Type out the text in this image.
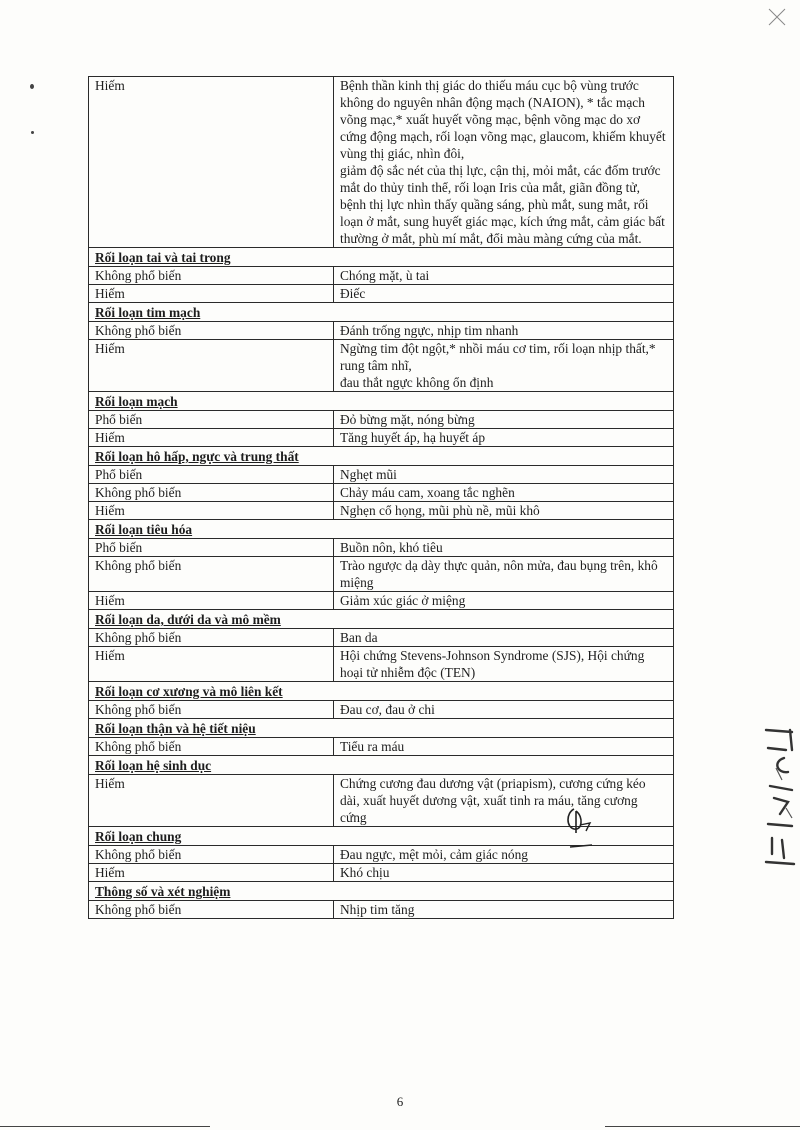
Hiếm	Bệnh thần kinh thị giác do thiếu máu cục bộ vùng trước không do nguyên nhân động mạch (NAION), * tắc mạch võng mạc,* xuất huyết võng mạc, bệnh võng mạc do xơ cứng động mạch, rối loạn võng mạc, glaucom, khiếm khuyết vùng thị giác, nhìn đôi,
giảm độ sắc nét của thị lực, cận thị, mỏi mắt, các đốm trước mắt do thủy tinh thể, rối loạn Iris của mắt, giãn đồng tử, bệnh thị lực nhìn thấy quầng sáng, phù mắt, sung mắt, rối loạn ở mắt, sung huyết giác mạc, kích ứng mắt, cảm giác bất thường ở mắt, phù mí mắt, đổi màu màng cứng của mắt.
Rối loạn tai và tai trong	
Không phổ biến	Chóng mặt, ù tai
Hiếm	Điếc
Rối loạn tim mạch	
Không phổ biến	Đánh trống ngực, nhịp tim nhanh
Hiếm	Ngừng tim đột ngột,* nhồi máu cơ tim, rối loạn nhịp thất,* rung tâm nhĩ,
đau thắt ngực không ổn định
Rối loạn mạch	
Phổ biến	Đỏ bừng mặt, nóng bừng
Hiếm	Tăng huyết áp, hạ huyết áp
Rối loạn hô hấp, ngực và trung thất	
Phổ biến	Nghẹt mũi
Không phổ biến	Chảy máu cam, xoang tắc nghẽn
Hiếm	Nghẹn cổ họng, mũi phù nề, mũi khô
Rối loạn tiêu hóa	
Phổ biến	Buồn nôn, khó tiêu
Không phổ biến	Trào ngược dạ dày thực quản, nôn mửa, đau bụng trên, khô miệng
Hiếm	Giảm xúc giác ở miệng
Rối loạn da, dưới da và mô mềm	
Không phổ biến	Ban da
Hiếm	Hội chứng Stevens-Johnson Syndrome (SJS), Hội chứng hoại tử nhiễm độc (TEN)
Rối loạn cơ xương và mô liên kết	
Không phổ biến	Đau cơ, đau ở chi
Rối loạn thận và hệ tiết niệu	
Không phổ biến	Tiểu ra máu
Rối loạn hệ sinh dục	
Hiếm	Chứng cương đau dương vật (priapism), cương cứng kéo dài, xuất huyết dương vật, xuất tinh ra máu, tăng cương cứng
Rối loạn chung	
Không phổ biến	Đau ngực, mệt mỏi, cảm giác nóng
Hiếm	Khó chịu
Thông số và xét nghiệm	
Không phổ biến	Nhịp tim tăng
6
